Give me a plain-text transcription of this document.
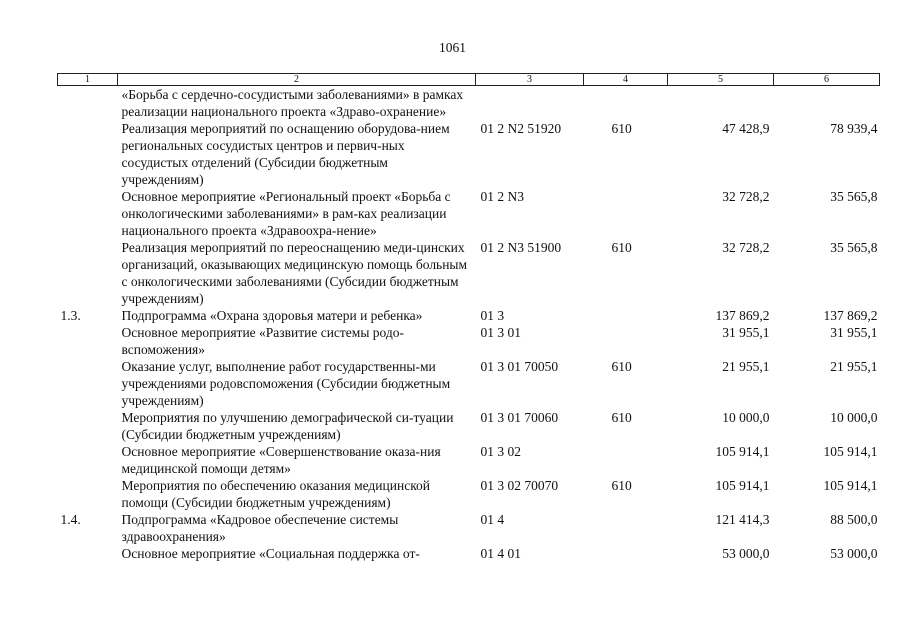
1061
1	2	3	4	5	6
	«Борьба с сердечно-сосудистыми заболеваниями» в рамках реализации национального проекта «Здраво-охранение»				
	Реализация мероприятий по оснащению оборудова-нием региональных сосудистых центров и первич-ных сосудистых отделений (Субсидии бюджетным учреждениям)	01 2 N2 51920	610	47 428,9	78 939,4
	Основное мероприятие «Региональный проект «Борьба с онкологическими заболеваниями» в рам-ках реализации национального проекта «Здравоохра-нение»	01 2 N3		32 728,2	35 565,8
	Реализация мероприятий по переоснащению меди-цинских организаций, оказывающих медицинскую помощь больным с онкологическими заболеваниями (Субсидии бюджетным учреждениям)	01 2 N3 51900	610	32 728,2	35 565,8
1.3.	Подпрограмма «Охрана здоровья матери и ребенка»	01 3		137 869,2	137 869,2
	Основное мероприятие «Развитие системы родо-вспоможения»	01 3 01		31 955,1	31 955,1
	Оказание услуг, выполнение работ государственны-ми учреждениями родовспоможения (Субсидии бюджетным учреждениям)	01 3 01 70050	610	21 955,1	21 955,1
	Мероприятия по улучшению демографической си-туации (Субсидии бюджетным учреждениям)	01 3 01 70060	610	10 000,0	10 000,0
	Основное мероприятие «Совершенствование оказа-ния медицинской помощи детям»	01 3 02		105 914,1	105 914,1
	Мероприятия по обеспечению оказания медицинской помощи (Субсидии бюджетным учреждениям)	01 3 02 70070	610	105 914,1	105 914,1
1.4.	Подпрограмма «Кадровое обеспечение системы здравоохранения»	01 4		121 414,3	88 500,0
	Основное мероприятие «Социальная поддержка от-	01 4 01		53 000,0	53 000,0
